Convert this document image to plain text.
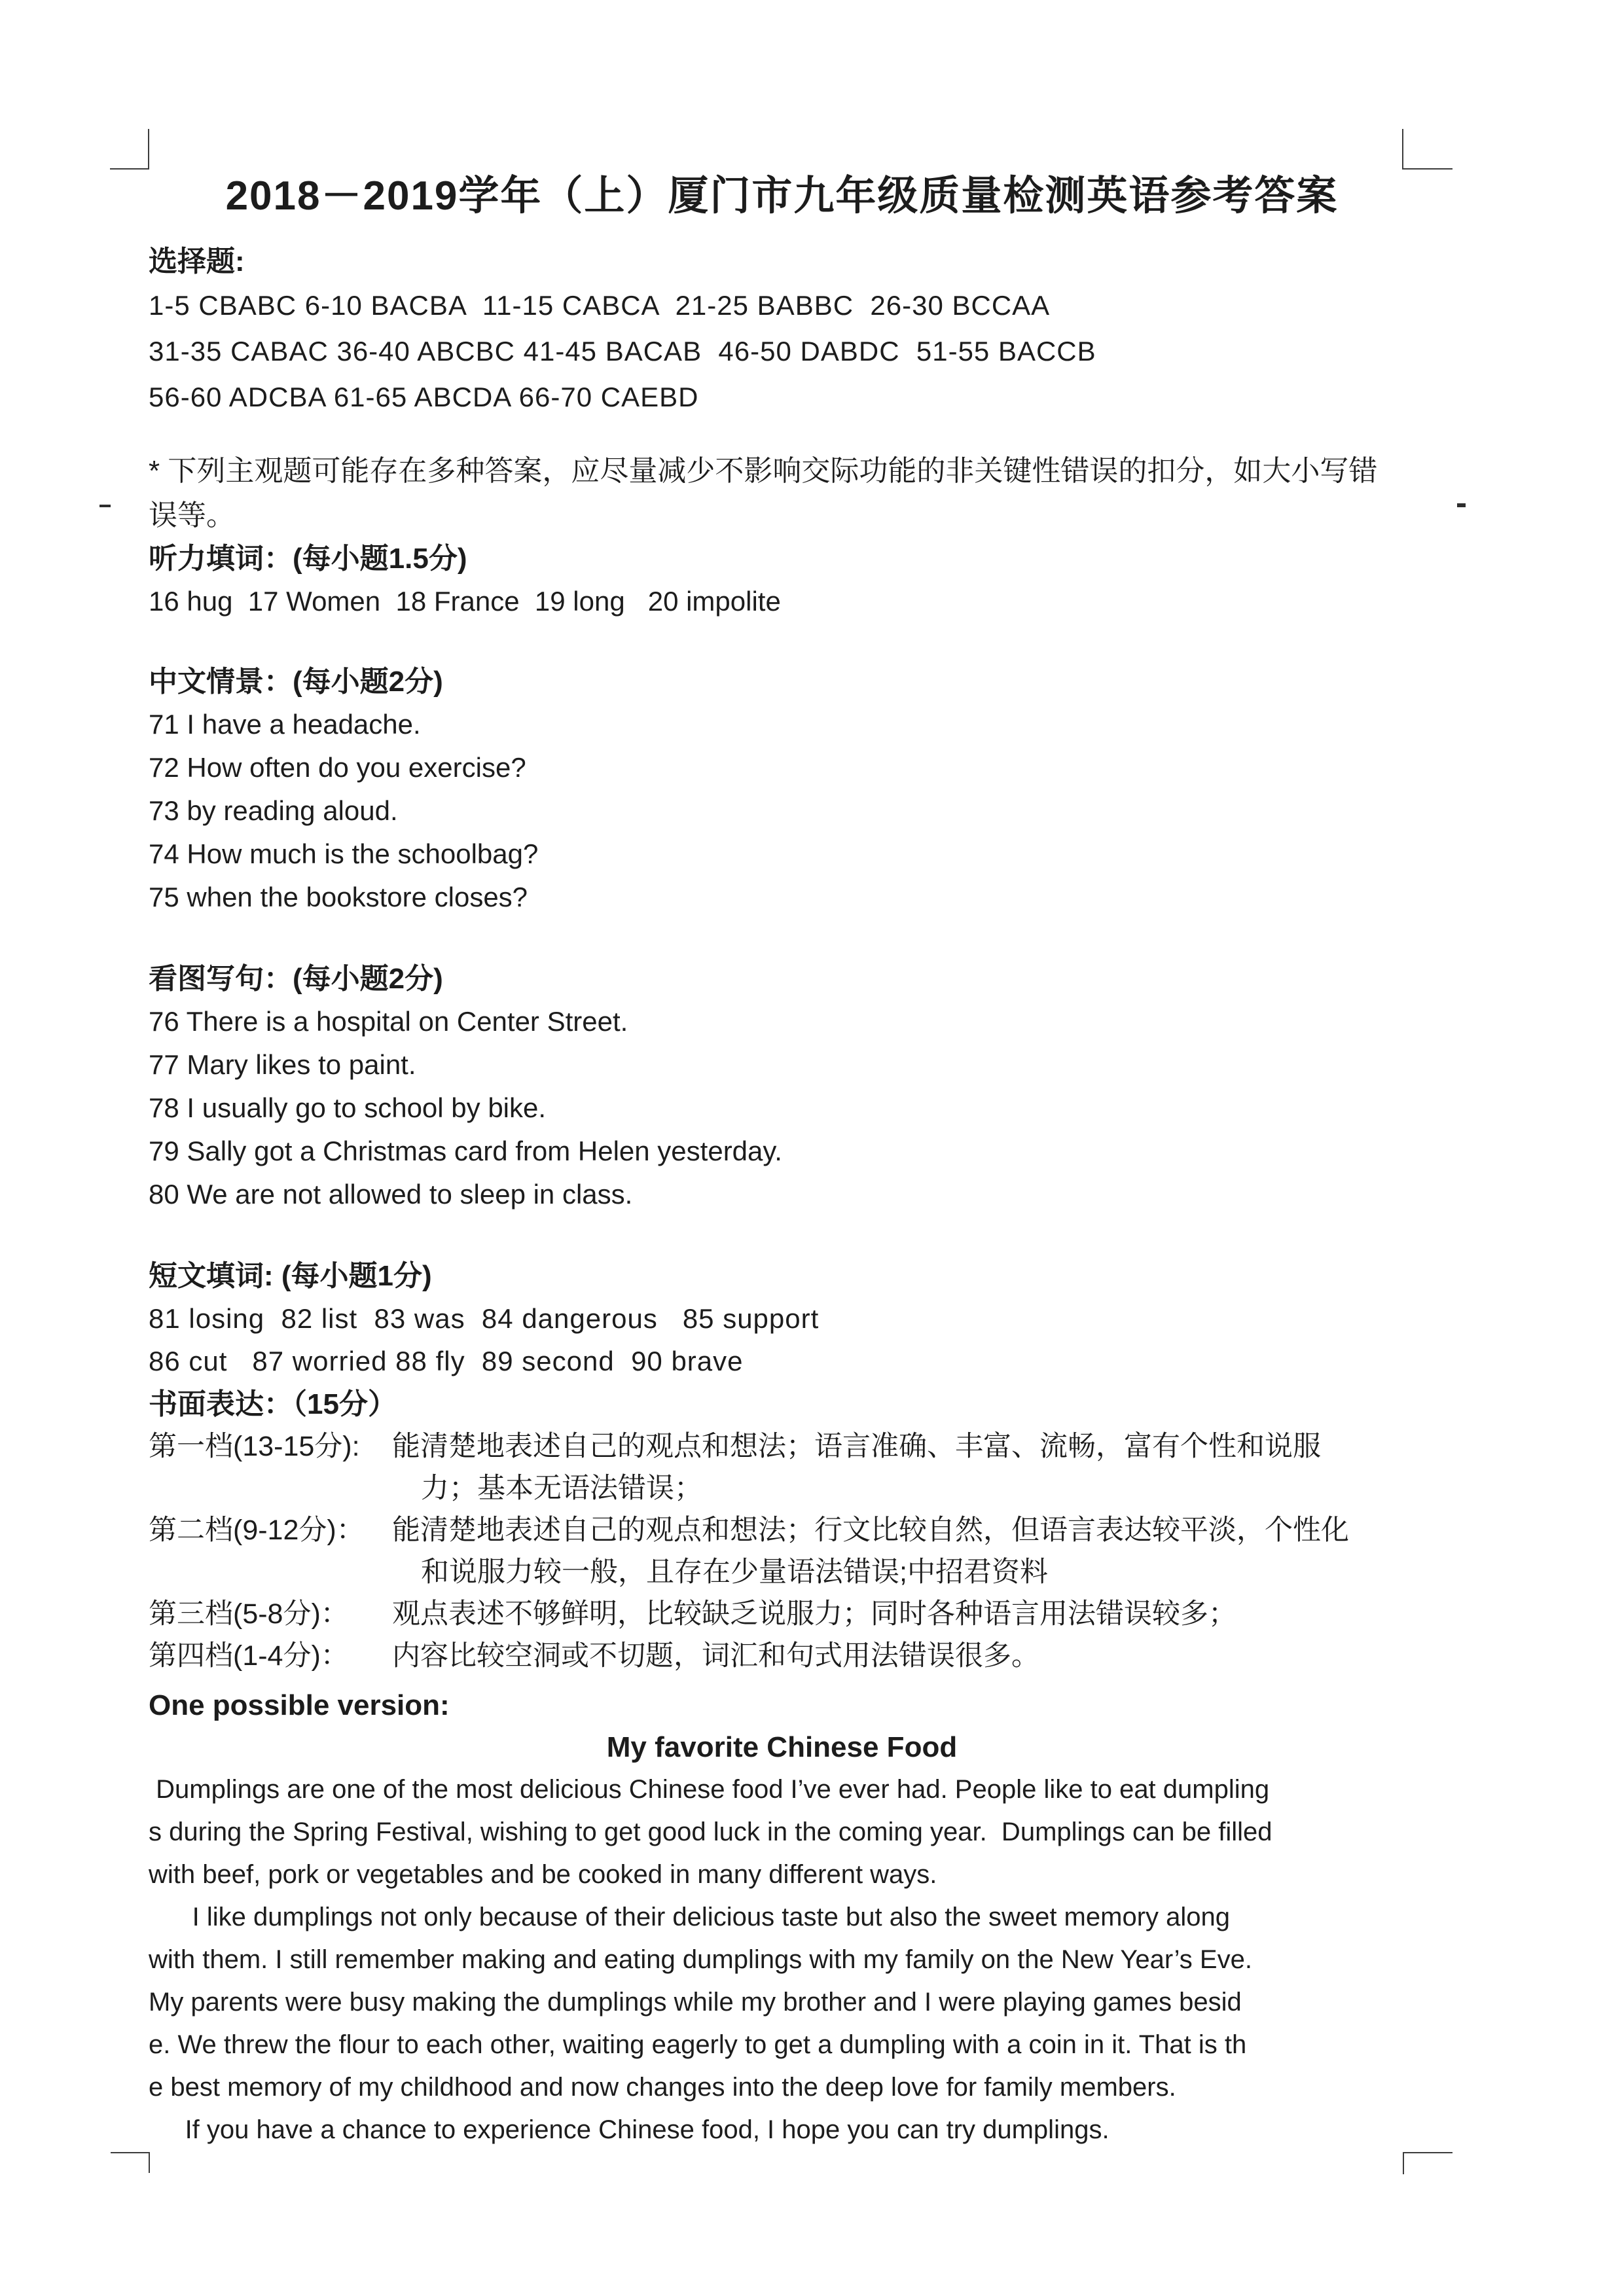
2018－2019学年（上）厦门市九年级质量检测英语参考答案
选择题:
1-5 CBABC 6-10 BACBA  11-15 CABCA  21-25 BABBC  26-30 BCCAA
31-35 CABAC 36-40 ABCBC 41-45 BACAB  46-50 DABDC  51-55 BACCB
56-60 ADCBA 61-65 ABCDA 66-70 CAEBD
* 下列主观题可能存在多种答案，应尽量减少不影响交际功能的非关键性错误的扣分，如大小写错
误等。
听力填词：(每小题1.5分)
16 hug  17 Women  18 France  19 long   20 impolite
中文情景：(每小题2分)
71 I have a headache.
72 How often do you exercise?
73 by reading aloud.
74 How much is the schoolbag?
75 when the bookstore closes?
看图写句：(每小题2分)
76 There is a hospital on Center Street.
77 Mary likes to paint.
78 I usually go to school by bike.
79 Sally got a Christmas card from Helen yesterday.
80 We are not allowed to sleep in class.
短文填词: (每小题1分)
81 losing  82 list  83 was  84 dangerous   85 support
86 cut   87 worried 88 fly  89 second  90 brave
书面表达：（15分）
第一档(13-15分):	能清楚地表述自己的观点和想法；语言准确、丰富、流畅，富有个性和说服
力；基本无语法错误；
第二档(9-12分)： 能清楚地表述自己的观点和想法；行文比较自然，但语言表达较平淡，个性化
和说服力较一般，且存在少量语法错误;中招君资料
第三档(5-8分)：	观点表述不够鲜明，比较缺乏说服力；同时各种语言用法错误较多；
第四档(1-4分)：	内容比较空洞或不切题，词汇和句式用法错误很多。
One possible version:
My favorite Chinese Food
Dumplings are one of the most delicious Chinese food I’ve ever had. People like to eat dumpling
s during the Spring Festival, wishing to get good luck in the coming year.  Dumplings can be filled
with beef, pork or vegetables and be cooked in many different ways.
I like dumplings not only because of their delicious taste but also the sweet memory along
with them. I still remember making and eating dumplings with my family on the New Year’s Eve.
My parents were busy making the dumplings while my brother and I were playing games besid
e. We threw the flour to each other, waiting eagerly to get a dumpling with a coin in it. That is th
e best memory of my childhood and now changes into the deep love for family members.
If you have a chance to experience Chinese food, I hope you can try dumplings.
